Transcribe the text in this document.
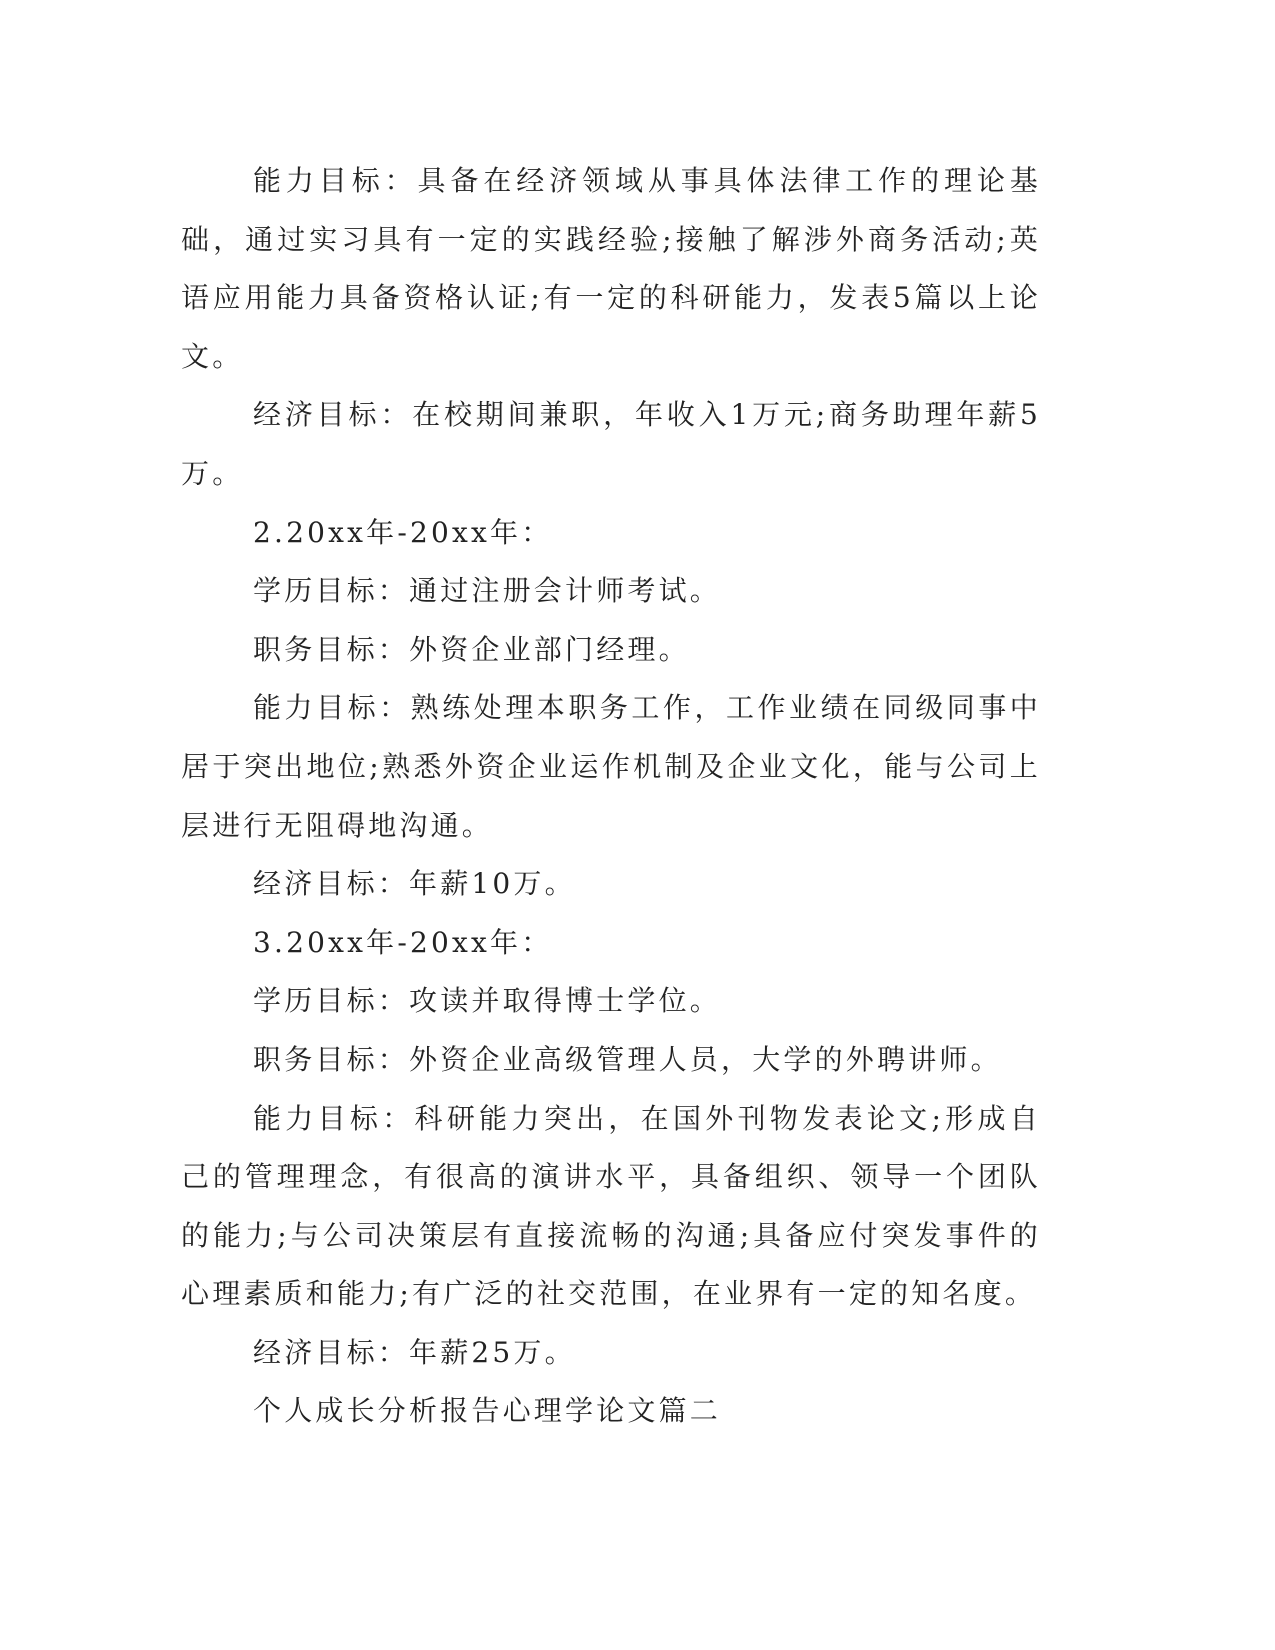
能力目标：具备在经济领域从事具体法律工作的理论基础，通过实习具有一定的实践经验;接触了解涉外商务活动;英语应用能力具备资格认证;有一定的科研能力，发表5篇以上论文。

经济目标：在校期间兼职，年收入1万元;商务助理年薪5万。

2.20xx年-20xx年：

学历目标：通过注册会计师考试。

职务目标：外资企业部门经理。

能力目标：熟练处理本职务工作，工作业绩在同级同事中居于突出地位;熟悉外资企业运作机制及企业文化，能与公司上层进行无阻碍地沟通。

经济目标：年薪10万。

3.20xx年-20xx年：

学历目标：攻读并取得博士学位。

职务目标：外资企业高级管理人员，大学的外聘讲师。

能力目标：科研能力突出，在国外刊物发表论文;形成自己的管理理念，有很高的演讲水平，具备组织、领导一个团队的能力;与公司决策层有直接流畅的沟通;具备应付突发事件的心理素质和能力;有广泛的社交范围，在业界有一定的知名度。

经济目标：年薪25万。

个人成长分析报告心理学论文篇二
